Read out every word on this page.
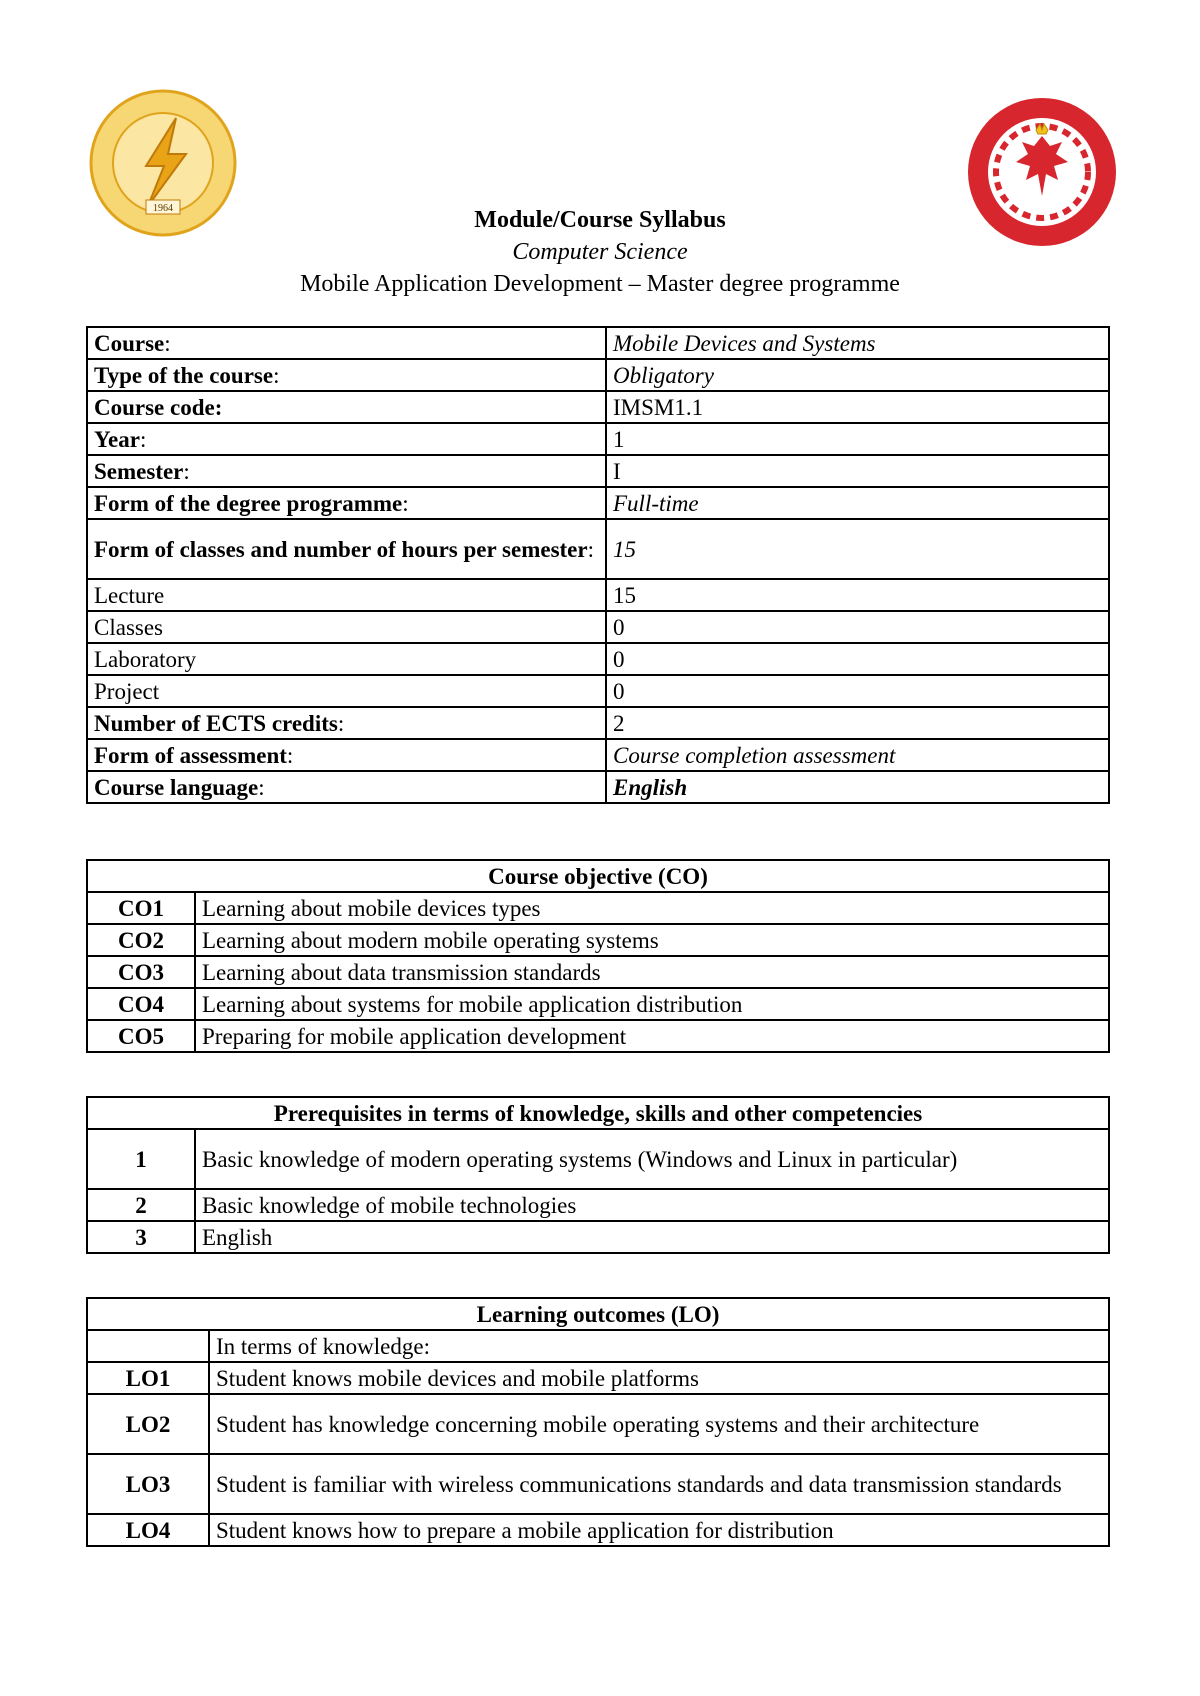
1964	Module/Course Syllabus
Computer Science
Mobile Application Development – Master degree programme
Course:	Mobile Devices and Systems
Type of the course:	Obligatory
Course code:	IMSM1.1
Year:	1
Semester:	I
Form of the degree programme:	Full-time
Form of classes and number of hours per semester:	15
Lecture	15
Classes	0
Laboratory	0
Project	0
Number of ECTS credits:	2
Form of assessment:	Course completion assessment
Course language:	English
Course objective (CO)	
CO1	Learning about mobile devices types
CO2	Learning about modern mobile operating systems
CO3	Learning about data transmission standards
CO4	Learning about systems for mobile application distribution
CO5	Preparing for mobile application development
Prerequisites in terms of knowledge, skills and other competencies	
1	Basic knowledge of modern operating systems (Windows and Linux in particular)
2	Basic knowledge of mobile technologies
3	English
Learning outcomes (LO)	
	In terms of knowledge:
LO1	Student knows mobile devices and mobile platforms
LO2	Student has knowledge concerning mobile operating systems and their architecture
LO3	Student is familiar with wireless communications standards and data transmission standards
LO4	Student knows how to prepare a mobile application for distribution
